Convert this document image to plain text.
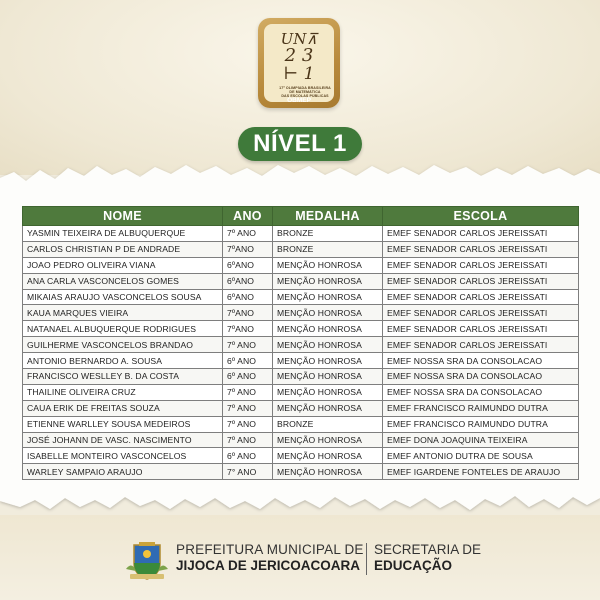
UN⊼
2 3
⊢ 1
17ª OLIMPÍADA BRASILEIRA
DE MATEMÁTICA
DAS ESCOLAS PÚBLICAS
OBMEP
NÍVEL 1
NOME	ANO	MEDALHA	ESCOLA
YASMIN TEIXEIRA DE ALBUQUERQUE	7º ANO	BRONZE	EMEF SENADOR CARLOS JEREISSATI
CARLOS CHRISTIAN P DE ANDRADE	7ºANO	BRONZE	EMEF SENADOR CARLOS JEREISSATI
JOAO PEDRO OLIVEIRA VIANA	6ºANO	MENÇÃO HONROSA	EMEF SENADOR CARLOS JEREISSATI
ANA CARLA VASCONCELOS GOMES	6ºANO	MENÇÃO HONROSA	EMEF SENADOR CARLOS JEREISSATI
MIKAIAS ARAUJO VASCONCELOS SOUSA	6ºANO	MENÇÃO HONROSA	EMEF SENADOR CARLOS JEREISSATI
KAUA MARQUES VIEIRA	7ºANO	MENÇÃO HONROSA	EMEF SENADOR CARLOS JEREISSATI
NATANAEL ALBUQUERQUE RODRIGUES	7ºANO	MENÇÃO HONROSA	EMEF SENADOR CARLOS JEREISSATI
GUILHERME VASCONCELOS BRANDAO	7º ANO	MENÇÃO HONROSA	EMEF SENADOR CARLOS JEREISSATI
ANTONIO BERNARDO A. SOUSA	6º ANO	MENÇÃO HONROSA	EMEF NOSSA SRA DA CONSOLACAO
FRANCISCO WESLLEY B. DA COSTA	6º ANO	MENÇÃO HONROSA	EMEF NOSSA SRA DA CONSOLACAO
THAILINE OLIVEIRA CRUZ	7º ANO	MENÇÃO HONROSA	EMEF NOSSA SRA DA CONSOLACAO
CAUA ERIK DE FREITAS SOUZA	7º ANO	MENÇÃO HONROSA	EMEF FRANCISCO RAIMUNDO DUTRA
ETIENNE WARLLEY SOUSA MEDEIROS	7º ANO	BRONZE	EMEF FRANCISCO RAIMUNDO DUTRA
JOSÉ JOHANN DE VASC. NASCIMENTO	7º ANO	MENÇÃO HONROSA	EMEF DONA JOAQUINA TEIXEIRA
ISABELLE MONTEIRO VASCONCELOS	6º ANO	MENÇÃO HONROSA	EMEF ANTONIO DUTRA DE SOUSA
WARLEY SAMPAIO ARAUJO	7° ANO	MENÇÃO HONROSA	EMEF IGARDENE FONTELES DE ARAUJO
PREFEITURA MUNICIPAL DE
JIJOCA DE JERICOACOARA
SECRETARIA DE
EDUCAÇÃO
